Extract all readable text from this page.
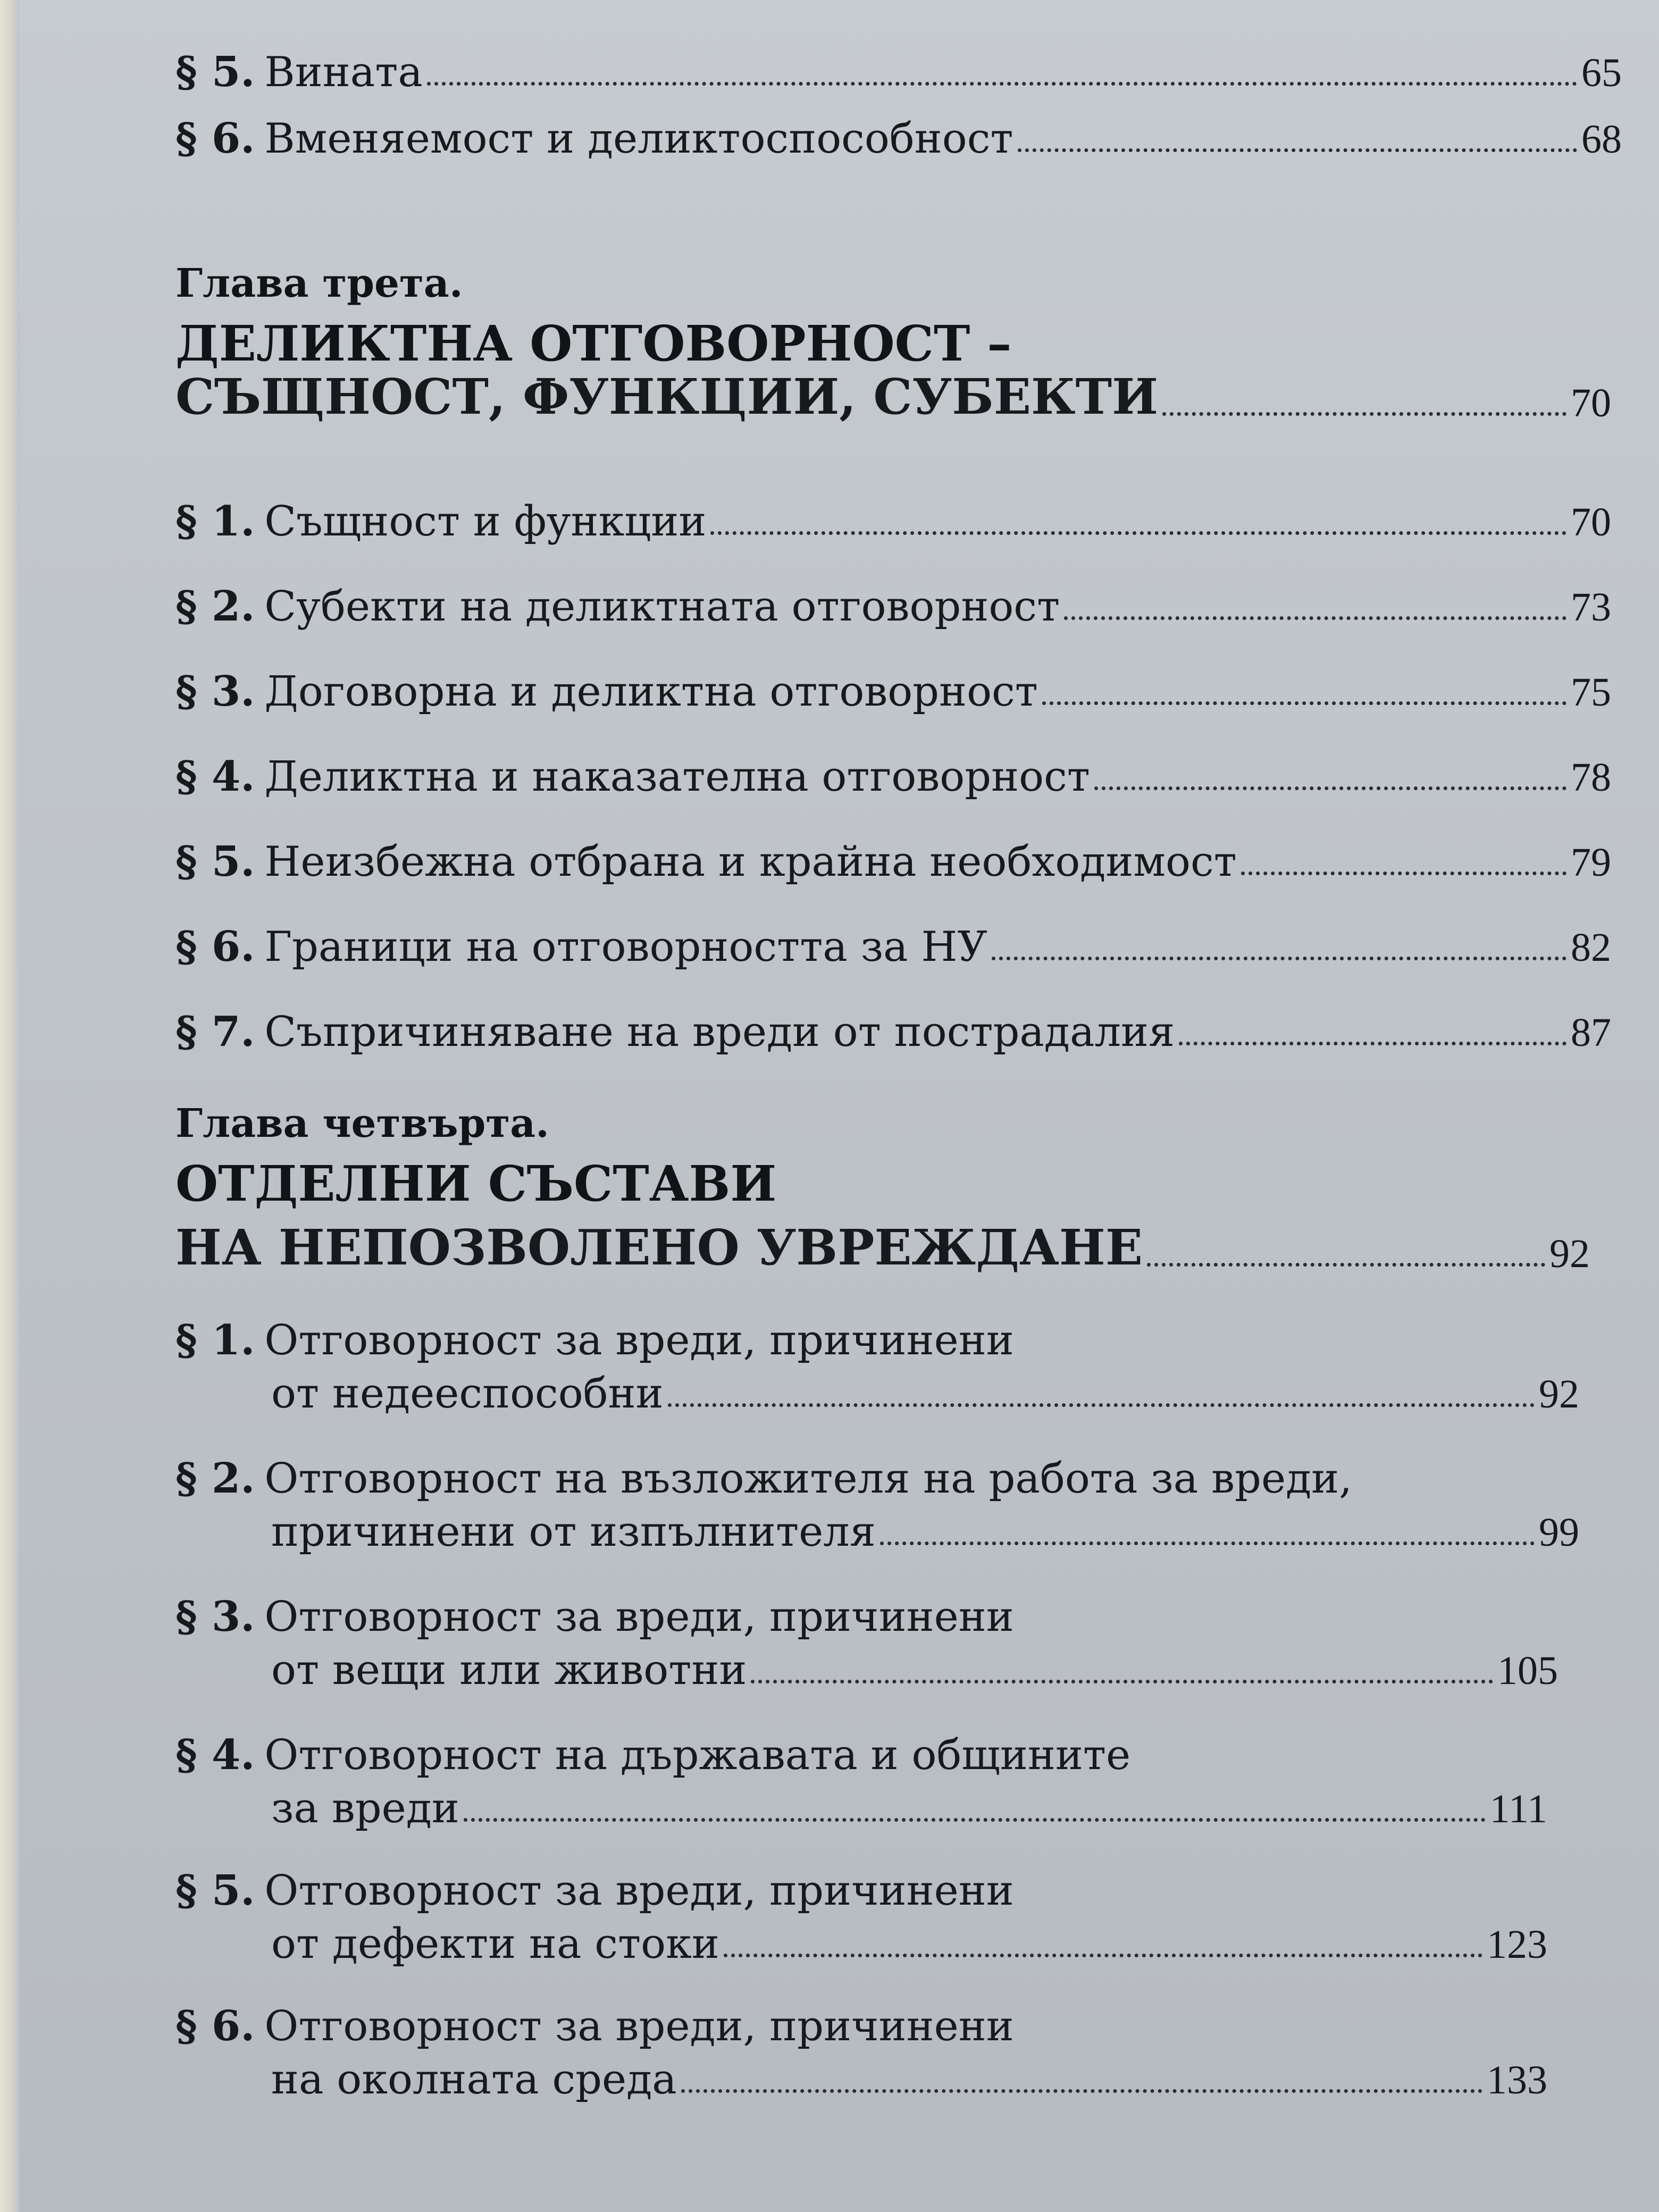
§ 5. Вината	65
§ 6. Вменяемост и деликтоспособност	68
Глава трета.
ДЕЛИКТНА ОТГОВОРНОСТ –
СЪЩНОСТ, ФУНКЦИИ, СУБЕКТИ	70
§ 1. Същност и функции	70
§ 2. Субекти на деликтната отговорност	73
§ 3. Договорна и деликтна отговорност	75
§ 4. Деликтна и наказателна отговорност	78
§ 5. Неизбежна отбрана и крайна необходимост	79
§ 6. Граници на отговорността за НУ	82
§ 7. Съпричиняване на вреди от пострадалия	87
Глава четвърта.
ОТДЕЛНИ СЪСТАВИ
НА НЕПОЗВОЛЕНО УВРЕЖДАНЕ	92
§ 1. Отговорност за вреди, причинени
от недееспособни	92
§ 2. Отговорност на възложителя на работа за вреди,
причинени от изпълнителя	99
§ 3. Отговорност за вреди, причинени
от вещи или животни	105
§ 4. Отговорност на държавата и общините
за вреди	111
§ 5. Отговорност за вреди, причинени
от дефекти на стоки	123
§ 6. Отговорност за вреди, причинени
на околната среда	133
